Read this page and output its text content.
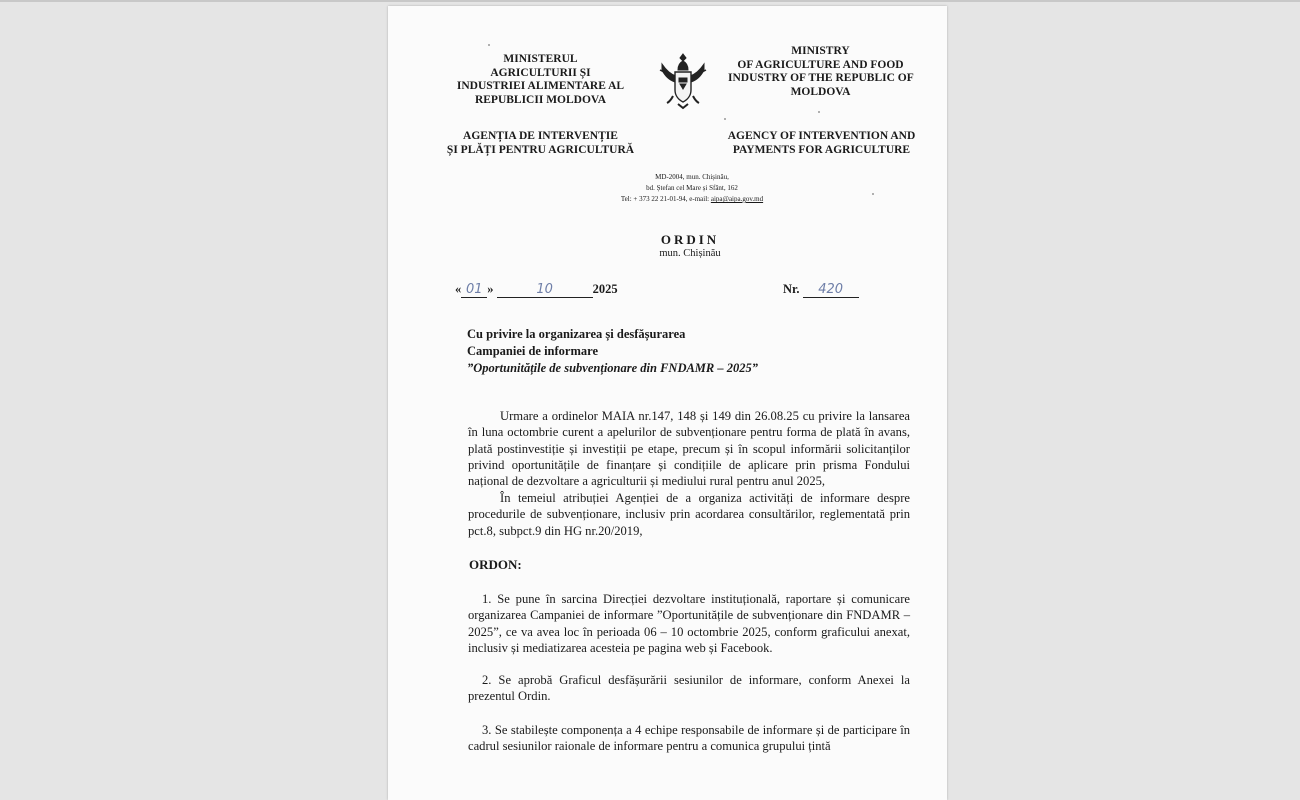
MINISTERUL
AGRICULTURII ȘI
INDUSTRIEI ALIMENTARE AL
REPUBLICII MOLDOVA
MINISTRY
OF AGRICULTURE AND FOOD
INDUSTRY OF THE REPUBLIC OF
MOLDOVA
AGENȚIA DE INTERVENȚIE
ȘI PLĂȚI PENTRU AGRICULTURĂ
AGENCY OF INTERVENTION AND
PAYMENTS FOR AGRICULTURE
MD-2004, mun. Chișinău,
bd. Ștefan cel Mare și Sfânt, 162
Tel: + 373 22 21-01-94, e-mail: aipa@aipa.gov.md
ORDIN
mun. Chișinău
« 01 »	10	2025	Nr. 420
Cu privire la organizarea și desfășurarea
Campaniei de informare
”Oportunitățile de subvenționare din FNDAMR – 2025”
Urmare a ordinelor MAIA nr.147, 148 și 149 din 26.08.25 cu privire la lansarea în luna octombrie curent a apelurilor de subvenționare pentru forma de plată în avans, plată postinvestiție și investiții pe etape, precum și în scopul informării solicitanților privind oportunitățile de finanțare și condițiile de aplicare prin prisma Fondului național de dezvoltare a agriculturii și mediului rural pentru anul 2025,
În temeiul atribuției Agenției de a organiza activități de informare despre procedurile de subvenționare, inclusiv prin acordarea consultărilor, reglementată prin pct.8, subpct.9 din HG nr.20/2019,
ORDON:
1. Se pune în sarcina Direcției dezvoltare instituțională, raportare și comunicare organizarea Campaniei de informare ”Oportunitățile de subvenționare din FNDAMR – 2025”, ce va avea loc în perioada 06 – 10 octombrie 2025, conform graficului anexat, inclusiv și mediatizarea acesteia pe pagina web și Facebook.
2. Se aprobă Graficul desfășurării sesiunilor de informare, conform Anexei la prezentul Ordin.
3. Se stabilește componența a 4 echipe responsabile de informare și de participare în cadrul sesiunilor raionale de informare pentru a comunica grupului țintă
